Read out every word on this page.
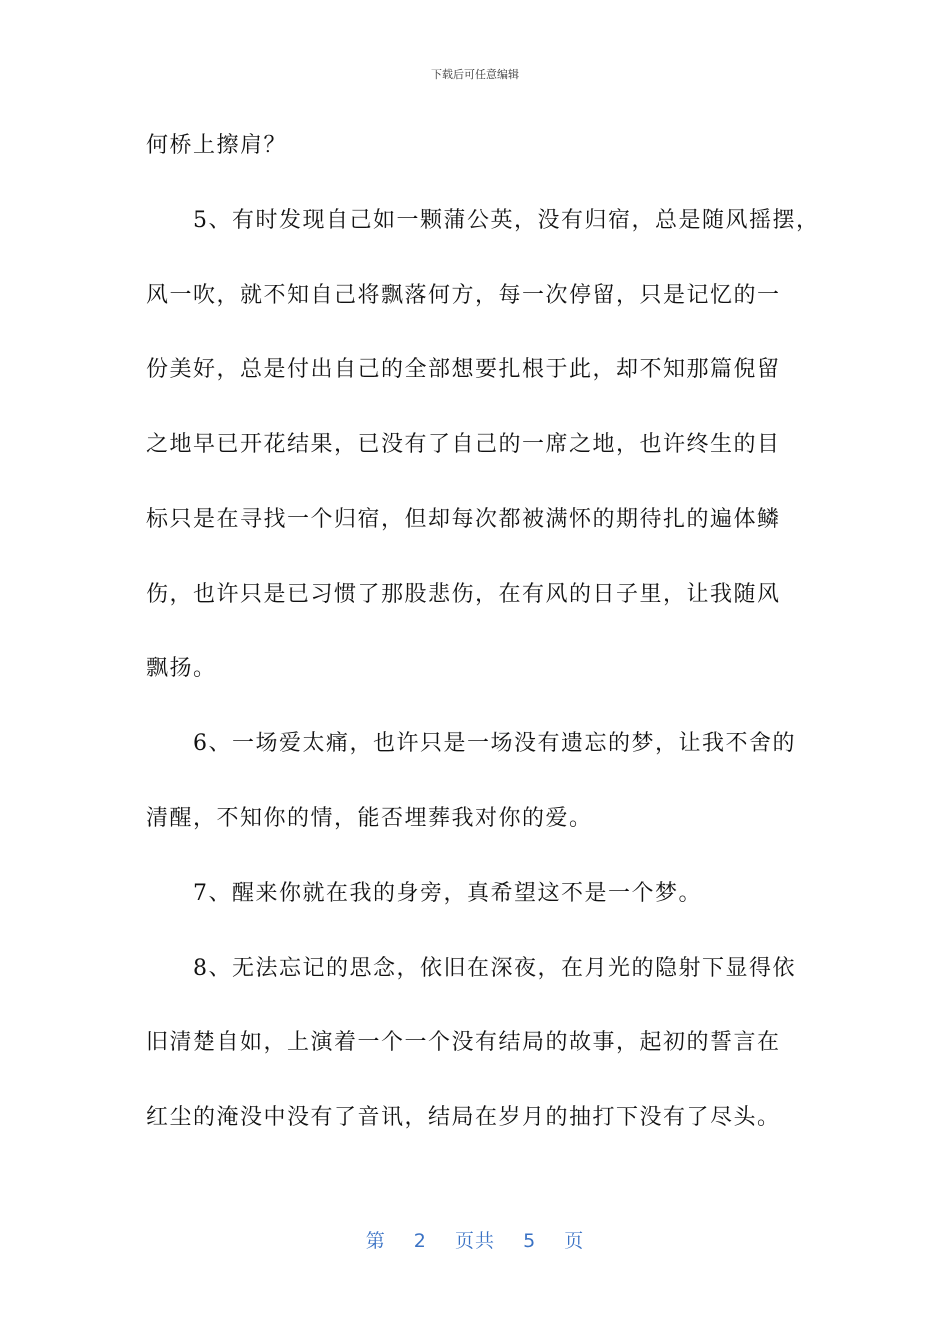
下载后可任意编辑
何桥上擦肩？
　　5、有时发现自己如一颗蒲公英，没有归宿，总是随风摇摆，
风一吹，就不知自己将飘落何方，每一次停留，只是记忆的一
份美好，总是付出自己的全部想要扎根于此，却不知那篇倪留
之地早已开花结果，已没有了自己的一席之地，也许终生的目
标只是在寻找一个归宿，但却每次都被满怀的期待扎的遍体鳞
伤，也许只是已习惯了那股悲伤，在有风的日子里，让我随风
飘扬。
　　6、一场爱太痛，也许只是一场没有遗忘的梦，让我不舍的
清醒，不知你的情，能否埋葬我对你的爱。
　　7、醒来你就在我的身旁，真希望这不是一个梦。
　　8、无法忘记的思念，依旧在深夜，在月光的隐射下显得依
旧清楚自如，上演着一个一个没有结局的故事，起初的誓言在
红尘的淹没中没有了音讯，结局在岁月的抽打下没有了尽头。
第 2 页共 5 页
